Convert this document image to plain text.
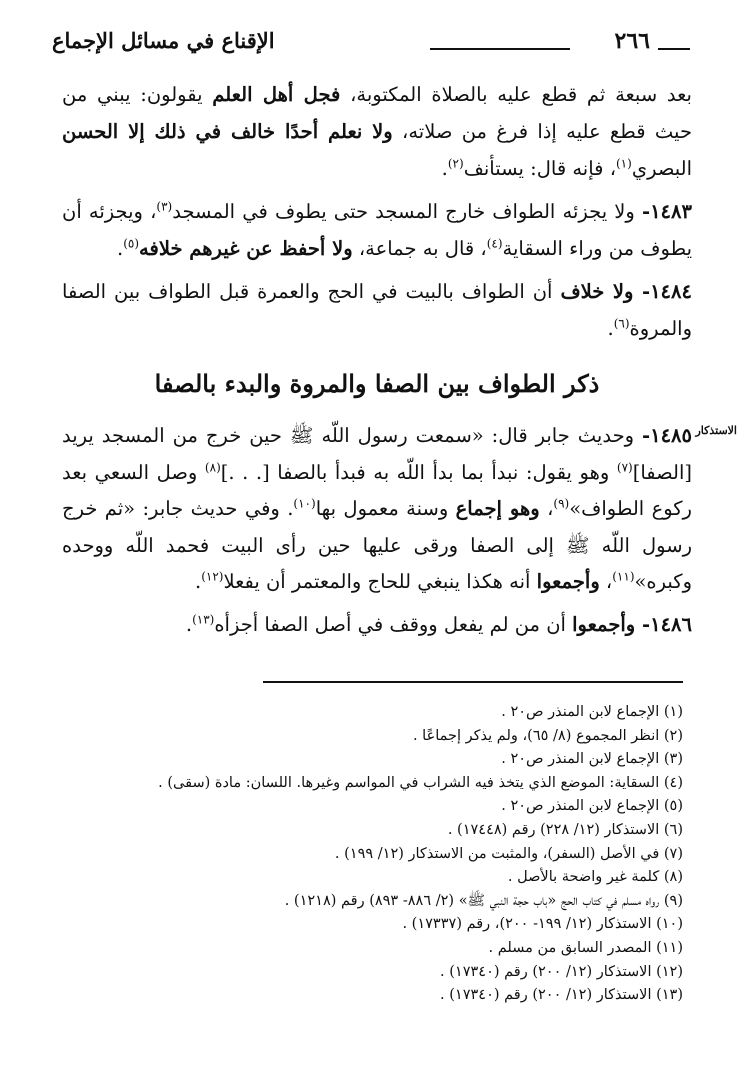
٢٦٦
الإقناع في مسائل الإجماع

بعد سبعة ثم قطع عليه بالصلاة المكتوبة، فجل أهل العلم يقولون: يبني من حيث قطع عليه إذا فرغ من صلاته، ولا نعلم أحدًا خالف في ذلك إلا الحسن البصري$^{(١)}$، فإنه قال: يستأنف$^{(٢)}$.

١٤٨٣- ولا يجزئه الطواف خارج المسجد حتى يطوف في المسجد$^{(٣)}$، ويجزئه أن يطوف من وراء السقاية$^{(٤)}$، قال به جماعة، ولا أحفظ عن غيرهم خلافه$^{(٥)}$.

١٤٨٤- ولا خلاف أن الطواف بالبيت في الحج والعمرة قبل الطواف بين الصفا والمروة$^{(٦)}$.

ذكر الطواف بين الصفا والمروة والبدء بالصفا
الاستذكار

١٤٨٥- وحديث جابر قال: «سمعت رسول اللّه ﷺ حين خرج من المسجد يريد [الصفا]$^{(٧)}$ وهو يقول: نبدأ بما بدأ اللّه به فبدأ بالصفا [. . .]$^{(٨)}$ وصل السعي بعد ركوع الطواف»$^{(٩)}$، وهو إجماع وسنة معمول بها$^{(١٠)}$. وفي حديث جابر: «ثم خرج رسول اللّه ﷺ إلى الصفا ورقى عليها حين رأى البيت فحمد اللّه ووحده وكبره»$^{(١١)}$، وأجمعوا أنه هكذا ينبغي للحاج والمعتمر أن يفعلا$^{(١٢)}$.

١٤٨٦- وأجمعوا أن من لم يفعل ووقف في أصل الصفا أجزأه$^{(١٣)}$.

(١) الإجماع لابن المنذر ص٢٠ .
(٢) انظر المجموع (٨/ ٦٥)، ولم يذكر إجماعًا .
(٣) الإجماع لابن المنذر ص٢٠ .
(٤) السقاية: الموضع الذي يتخذ فيه الشراب في المواسم وغيرها. اللسان: مادة (سقى) .
(٥) الإجماع لابن المنذر ص٢٠ .
(٦) الاستذكار (١٢/ ٢٢٨) رقم (١٧٤٤٨) .
(٧) في الأصل (السفر)، والمثبت من الاستذكار (١٢/ ١٩٩) .
(٨) كلمة غير واضحة بالأصل .
(٩) رواه مسلم في كتاب الحج «باب حجة النبي ﷺ» (٢/ ٨٨٦- ٨٩٣) رقم (١٢١٨) .
(١٠) الاستذكار (١٢/ ١٩٩- ٢٠٠)، رقم (١٧٣٣٧) .
(١١) المصدر السابق من مسلم .
(١٢) الاستذكار (١٢/ ٢٠٠) رقم (١٧٣٤٠) .
(١٣) الاستذكار (١٢/ ٢٠٠) رقم (١٧٣٤٠) .
